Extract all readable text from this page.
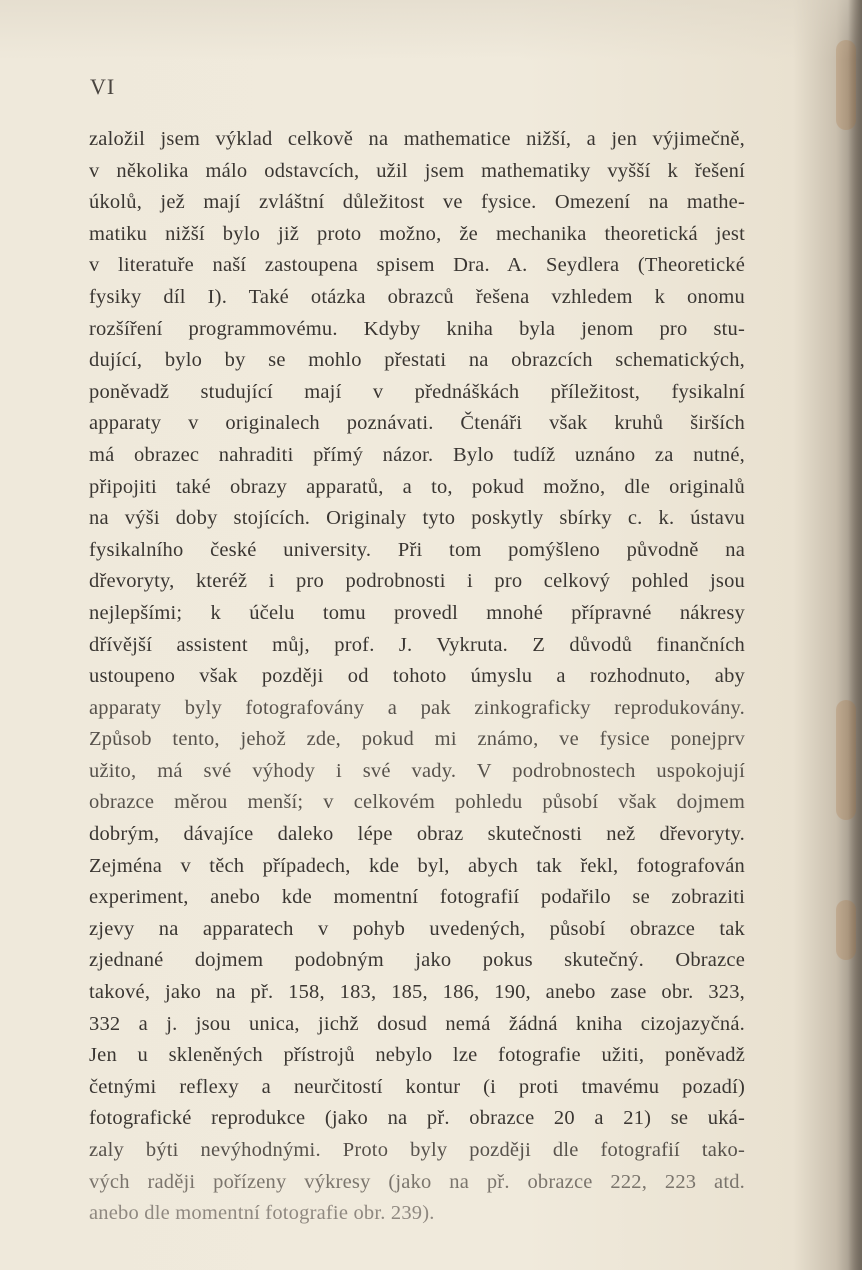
VI
založil jsem výklad celkově na mathematice nižší, a jen výjimečně,
v několika málo odstavcích, užil jsem mathematiky vyšší k řešení
úkolů, jež mají zvláštní důležitost ve fysice. Omezení na mathe-
matiku nižší bylo již proto možno, že mechanika theoretická jest
v literatuře naší zastoupena spisem Dra. A. Seydlera (Theoretické
fysiky díl I). Také otázka obrazců řešena vzhledem k onomu
rozšíření programmovému. Kdyby kniha byla jenom pro stu-
dující, bylo by se mohlo přestati na obrazcích schematických,
poněvadž studující mají v přednáškách příležitost, fysikalní
apparaty v originalech poznávati. Čtenáři však kruhů širších
má obrazec nahraditi přímý názor. Bylo tudíž uznáno za nutné,
připojiti také obrazy apparatů, a to, pokud možno, dle originalů
na výši doby stojících. Originaly tyto poskytly sbírky c. k. ústavu
fysikalního české university. Při tom pomýšleno původně na
dřevoryty, kteréž i pro podrobnosti i pro celkový pohled jsou
nejlepšími; k účelu tomu provedl mnohé přípravné nákresy
dřívější assistent můj, prof. J. Vykruta. Z důvodů finančních
ustoupeno však později od tohoto úmyslu a rozhodnuto, aby
apparaty byly fotografovány a pak zinkograficky reprodukovány.
Způsob tento, jehož zde, pokud mi známo, ve fysice ponejprv
užito, má své výhody i své vady. V podrobnostech uspokojují
obrazce měrou menší; v celkovém pohledu působí však dojmem
dobrým, dávajíce daleko lépe obraz skutečnosti než dřevoryty.
Zejména v těch případech, kde byl, abych tak řekl, fotografován
experiment, anebo kde momentní fotografií podařilo se zobraziti
zjevy na apparatech v pohyb uvedených, působí obrazce tak
zjednané dojmem podobným jako pokus skutečný. Obrazce
takové, jako na př. 158, 183, 185, 186, 190, anebo zase obr. 323,
332 a j. jsou unica, jichž dosud nemá žádná kniha cizojazyčná.
Jen u skleněných přístrojů nebylo lze fotografie užiti, poněvadž
četnými reflexy a neurčitostí kontur (i proti tmavému pozadí)
fotografické reprodukce (jako na př. obrazce 20 a 21) se uká-
zaly býti nevýhodnými. Proto byly později dle fotografií tako-
vých raději pořízeny výkresy (jako na př. obrazce 222, 223 atd.
anebo dle momentní fotografie obr. 239).
